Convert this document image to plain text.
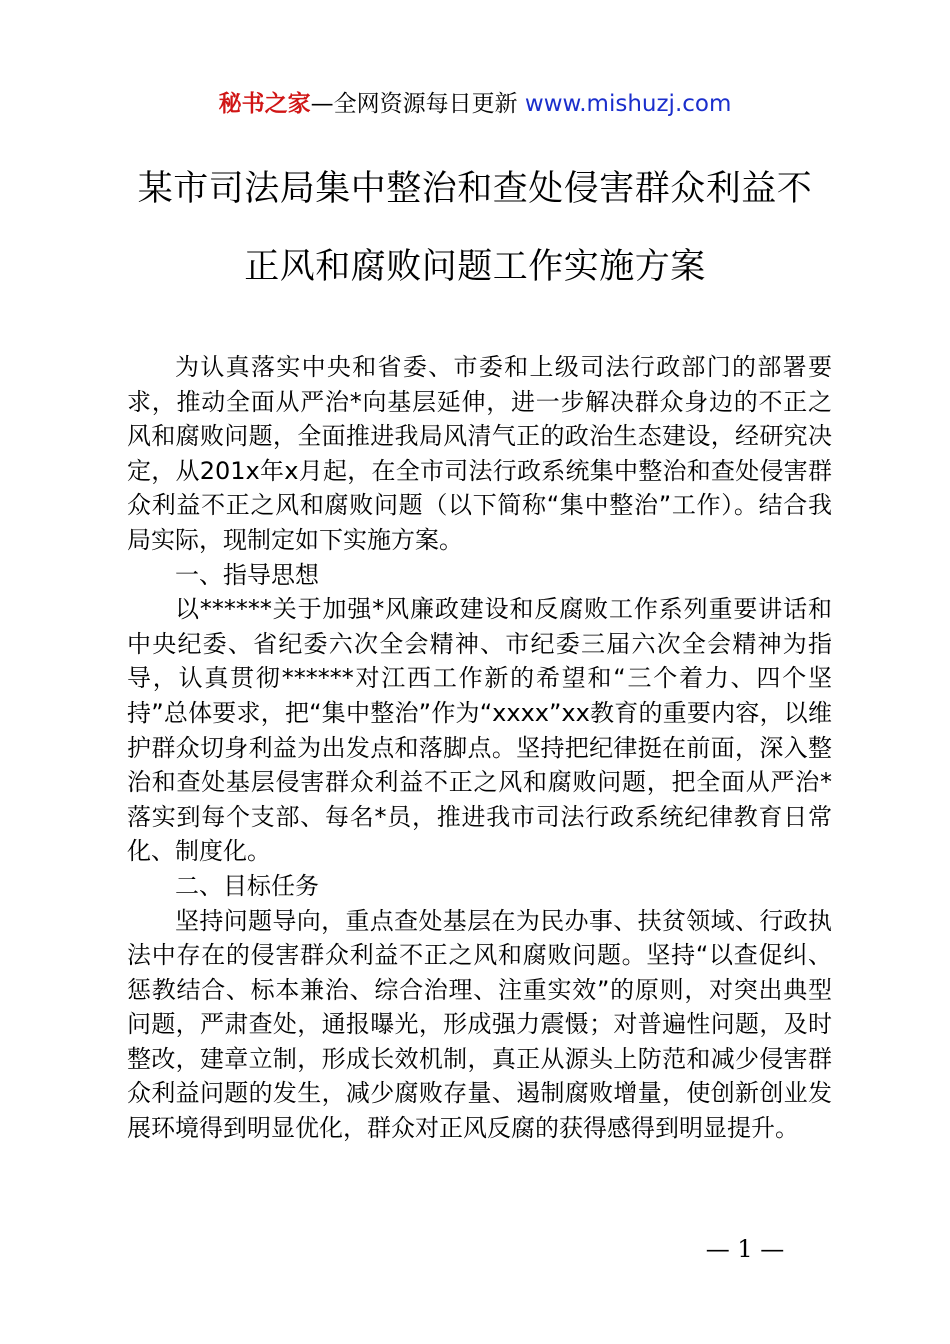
秘书之家—全网资源每日更新 www.mishuzj.com
某市司法局集中整治和查处侵害群众利益不
正风和腐败问题工作实施方案

为认真落实中央和省委、市委和上级司法行政部门的部署要求，推动全面从严治*向基层延伸，进一步解决群众身边的不正之风和腐败问题，全面推进我局风清气正的政治生态建设，经研究决定，从201x年x月起，在全市司法行政系统集中整治和查处侵害群众利益不正之风和腐败问题（以下简称“集中整治”工作）。结合我局实际，现制定如下实施方案。

一、指导思想

以******关于加强*风廉政建设和反腐败工作系列重要讲话和中央纪委、省纪委六次全会精神、市纪委三届六次全会精神为指导，认真贯彻******对江西工作新的希望和“三个着力、四个坚持”总体要求，把“集中整治”作为“xxxx”xx教育的重要内容，以维护群众切身利益为出发点和落脚点。坚持把纪律挺在前面，深入整治和查处基层侵害群众利益不正之风和腐败问题，把全面从严治*落实到每个支部、每名*员，推进我市司法行政系统纪律教育日常化、制度化。

二、目标任务

坚持问题导向，重点查处基层在为民办事、扶贫领域、行政执法中存在的侵害群众利益不正之风和腐败问题。坚持“以查促纠、惩教结合、标本兼治、综合治理、注重实效”的原则，对突出典型问题，严肃查处，通报曝光，形成强力震慑；对普遍性问题，及时整改，建章立制，形成长效机制，真正从源头上防范和减少侵害群众利益问题的发生，减少腐败存量、遏制腐败增量，使创新创业发展环境得到明显优化，群众对正风反腐的获得感得到明显提升。

— 1 —
